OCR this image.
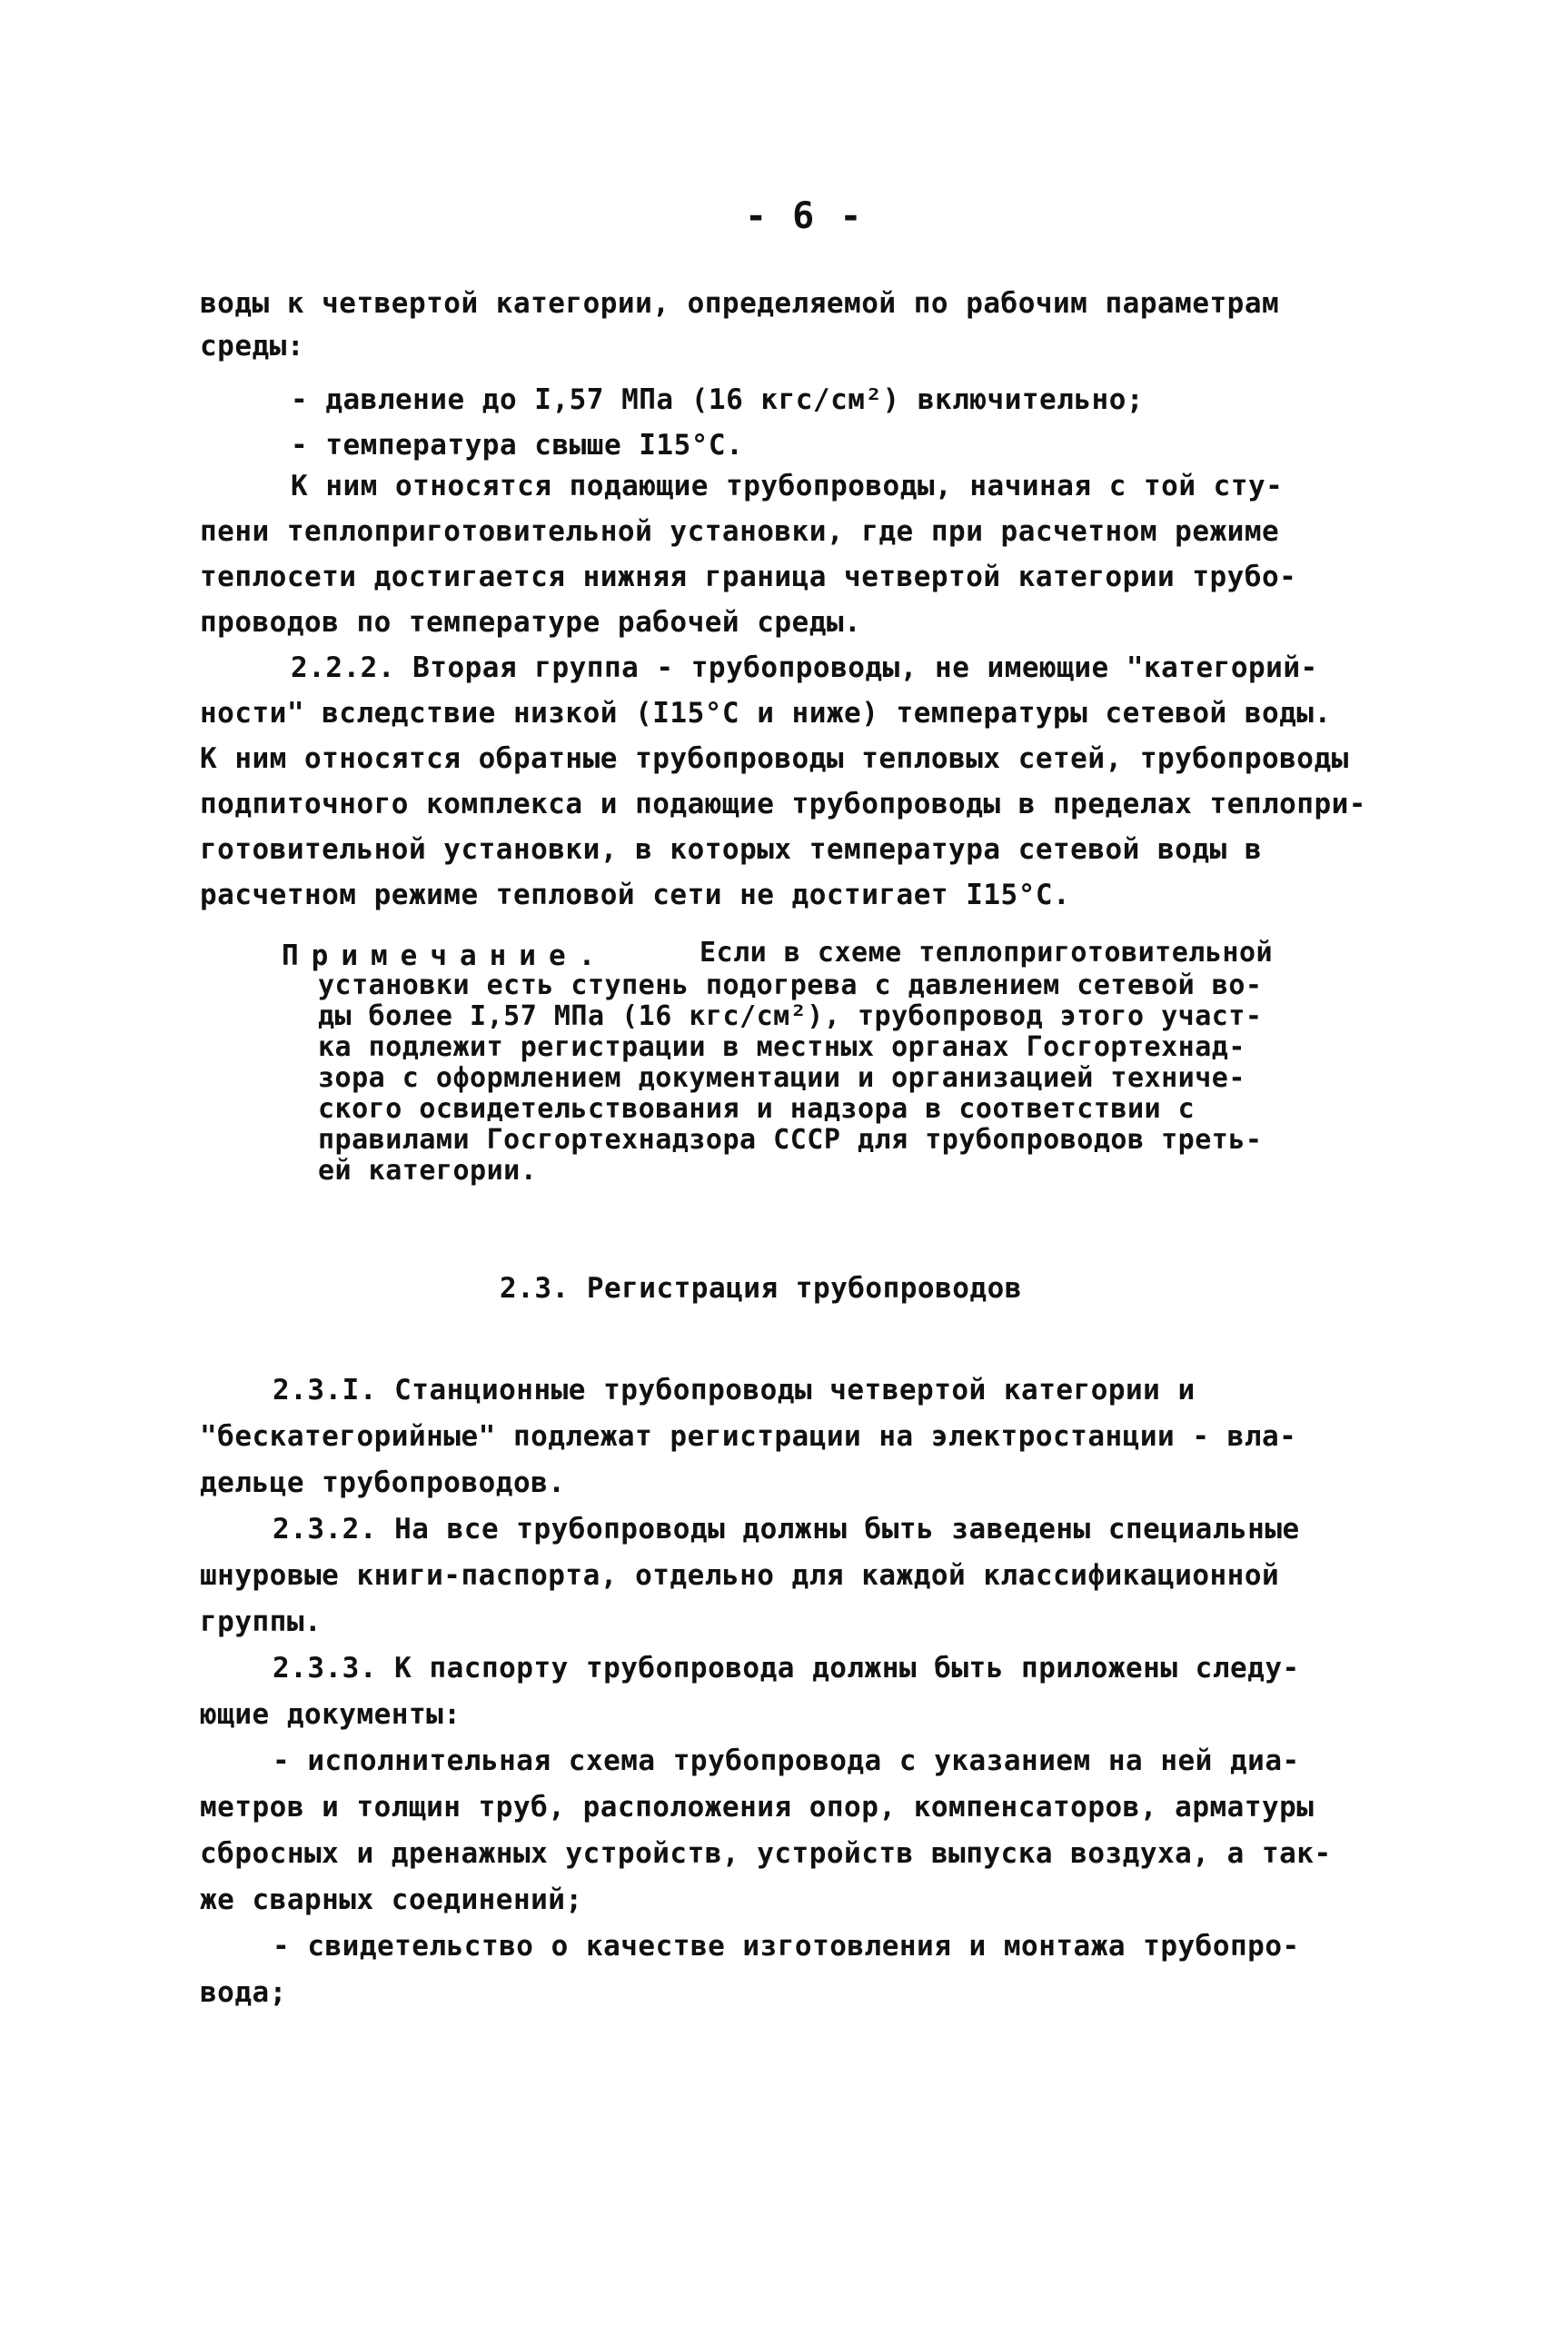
- 6 -
воды к четвертой категории, определяемой по рабочим параметрам
среды:
- давление до I,57 МПа (16 кгс/см²) включительно;
- температура свыше I15°С.
К ним относятся подающие трубопроводы, начиная с той сту-
пени теплоприготовительной установки, где при расчетном режиме
теплосети достигается нижняя граница четвертой категории трубо-
проводов по температуре рабочей среды.
2.2.2. Вторая группа - трубопроводы, не имеющие "категорий-
ности" вследствие низкой (I15°С и ниже) температуры сетевой воды.
К ним относятся обратные трубопроводы тепловых сетей, трубопроводы
подпиточного комплекса и подающие трубопроводы в пределах теплопри-
готовительной установки, в которых температура сетевой воды в
расчетном режиме тепловой сети не достигает I15°С.
Примечание.	Если в схеме теплоприготовительной
установки есть ступень подогрева с давлением сетевой во-
ды более I,57 МПа (16 кгс/см²), трубопровод этого участ-
ка подлежит регистрации в местных органах Госгортехнад-
зора с оформлением документации и организацией техниче-
ского освидетельствования и надзора в соответствии с
правилами Госгортехнадзора СССР для трубопроводов треть-
ей категории.
2.3. Регистрация трубопроводов
2.3.I. Станционные трубопроводы четвертой категории и
"бескатегорийные" подлежат регистрации на электростанции - вла-
дельце трубопроводов.
2.3.2. На все трубопроводы должны быть заведены специальные
шнуровые книги-паспорта, отдельно для каждой классификационной
группы.
2.3.3. К паспорту трубопровода должны быть приложены следу-
ющие документы:
- исполнительная схема трубопровода с указанием на ней диа-
метров и толщин труб, расположения опор, компенсаторов, арматуры
сбросных и дренажных устройств, устройств выпуска воздуха, а так-
же сварных соединений;
- свидетельство о качестве изготовления и монтажа трубопро-
вода;
